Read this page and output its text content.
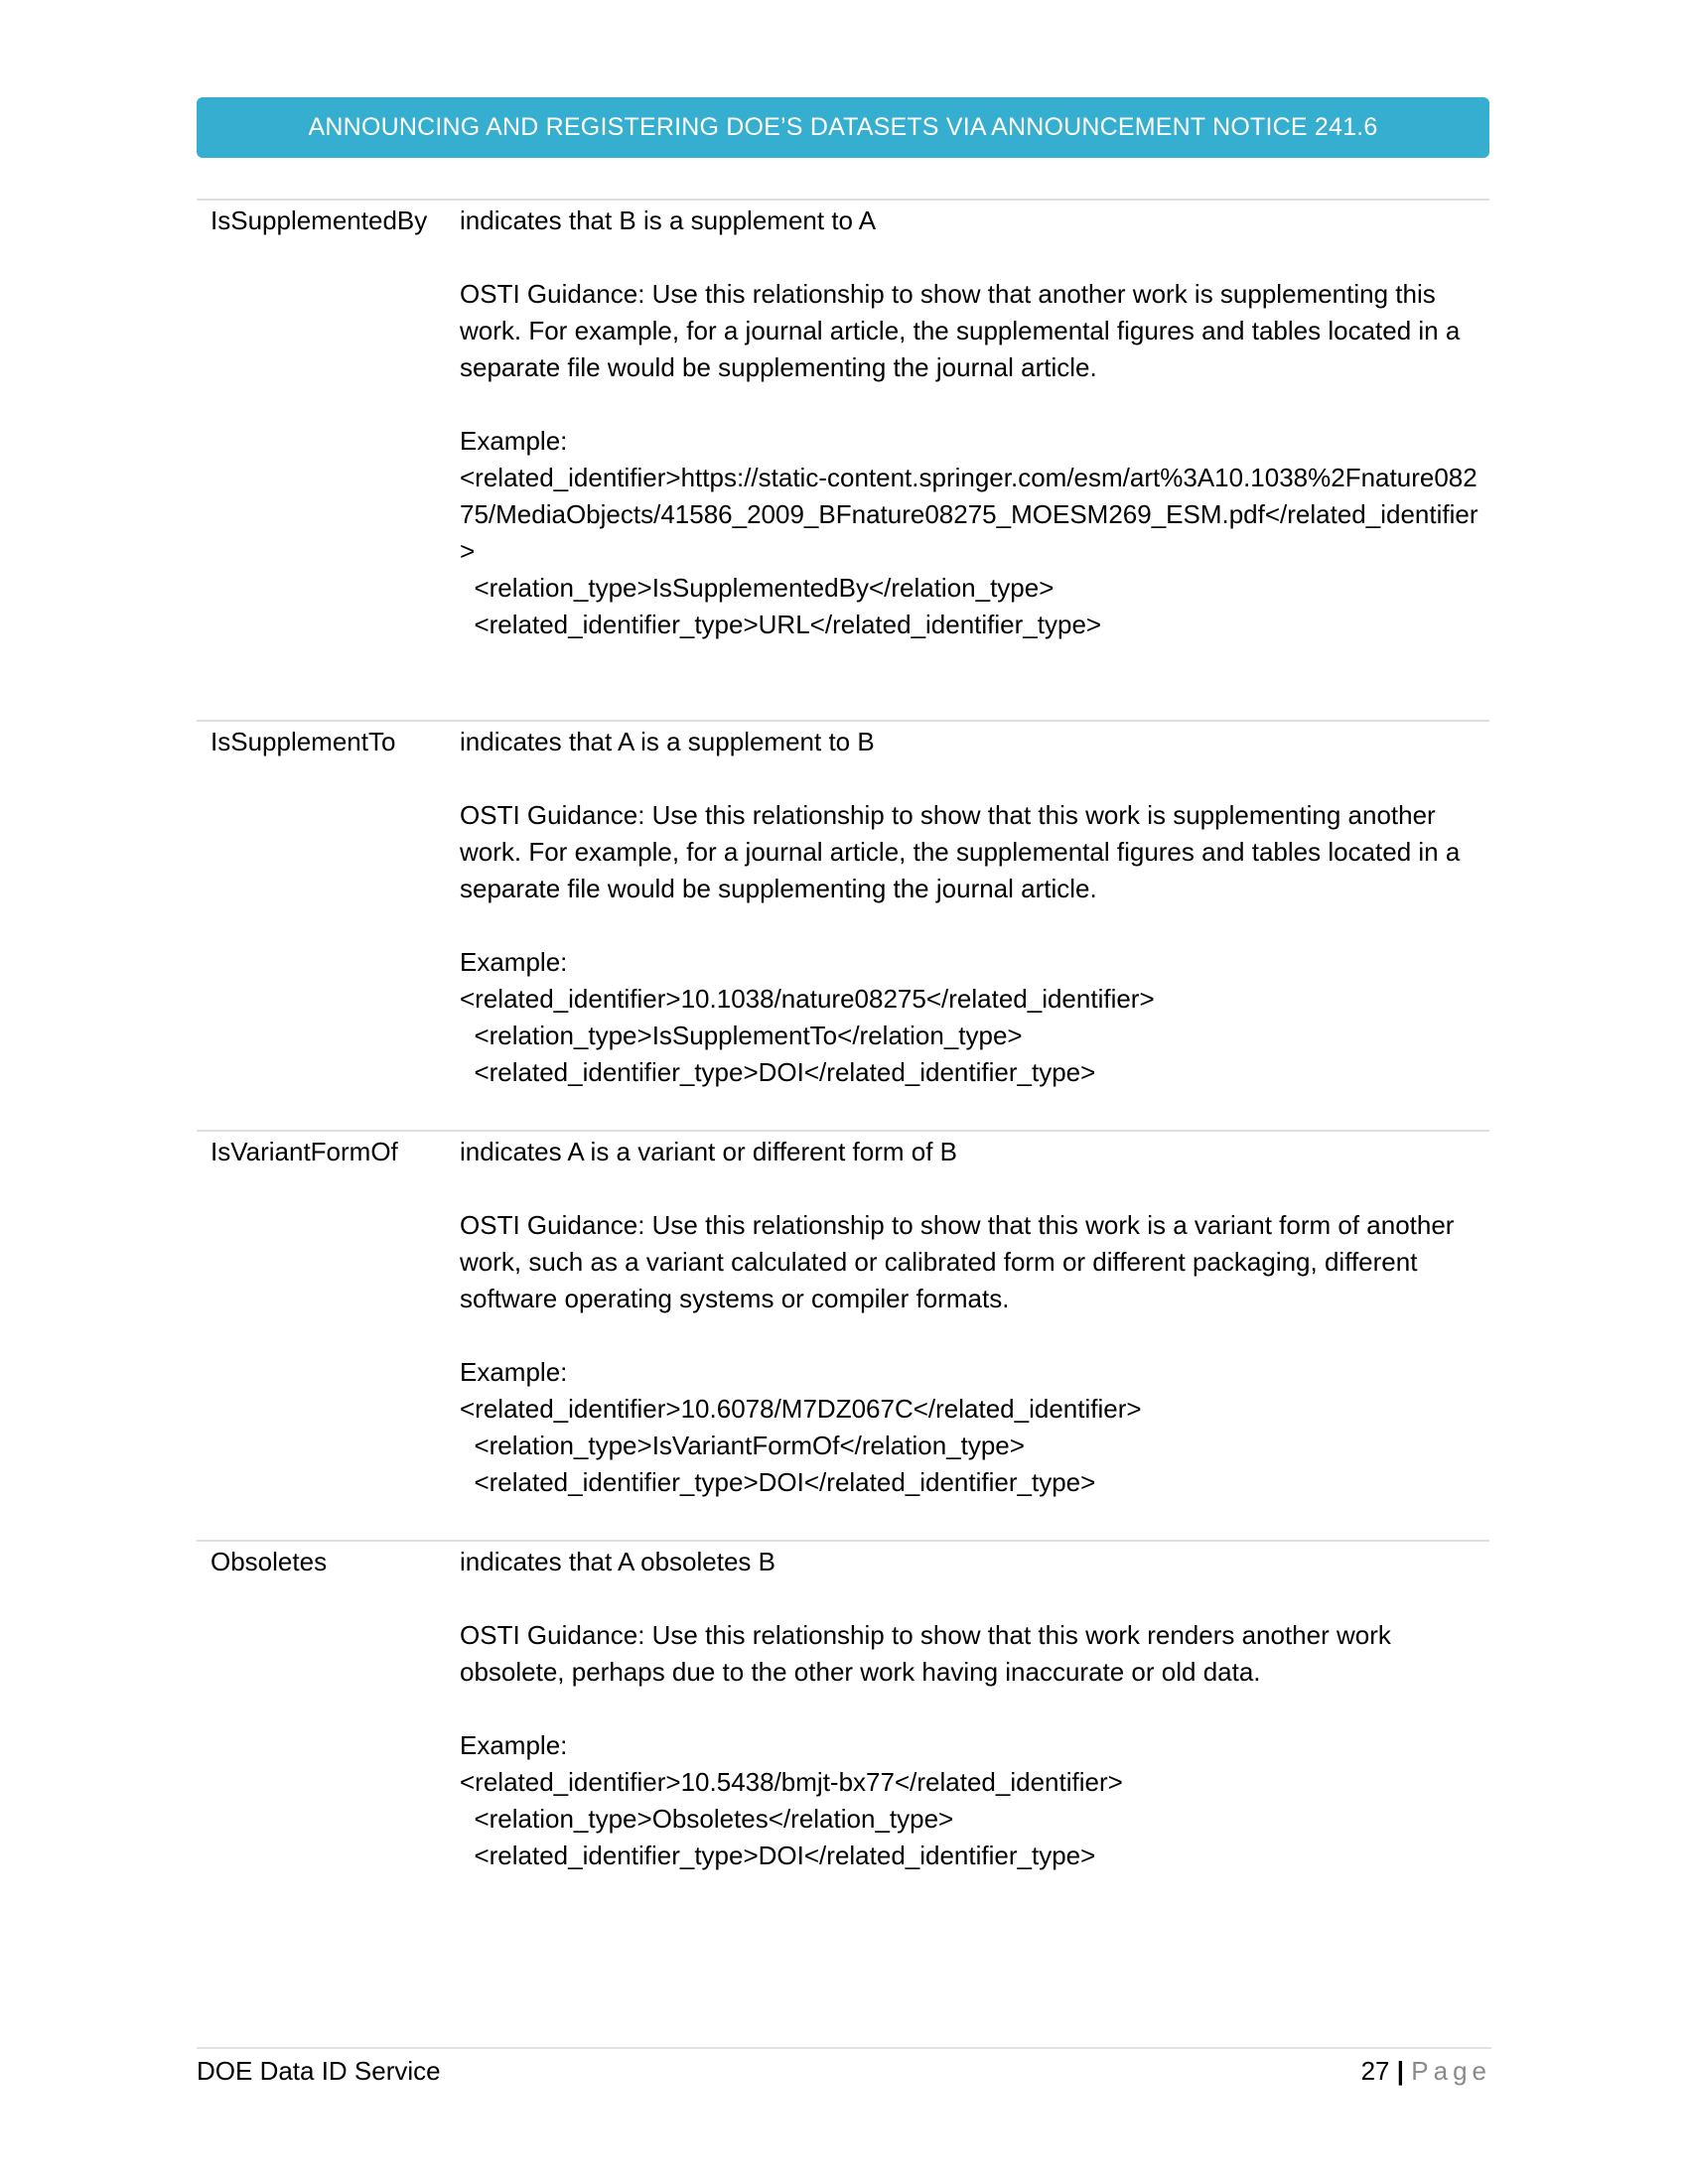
ANNOUNCING AND REGISTERING DOE’S DATASETS VIA ANNOUNCEMENT NOTICE 241.6
IsSupplementedBy	indicates that B is a supplement to A

OSTI Guidance: Use this relationship to show that another work is supplementing this work. For example, for a journal article, the supplemental figures and tables located in a separate file would be supplementing the journal article.

Example:

<related_identifier>https://static-content.springer.com/esm/art%3A10.1038%2Fnature08275/MediaObjects/41586_2009_BFnature08275_MOESM269_ESM.pdf</related_identifier>

<relation_type>IsSupplementedBy</relation_type>

<related_identifier_type>URL</related_identifier_type>

IsSupplementTo	indicates that A is a supplement to B

OSTI Guidance: Use this relationship to show that this work is supplementing another work. For example, for a journal article, the supplemental figures and tables located in a separate file would be supplementing the journal article.

Example:

<related_identifier>10.1038/nature08275</related_identifier>

<relation_type>IsSupplementTo</relation_type>

<related_identifier_type>DOI</related_identifier_type>

IsVariantFormOf	indicates A is a variant or different form of B

OSTI Guidance: Use this relationship to show that this work is a variant form of another work, such as a variant calculated or calibrated form or different packaging, different software operating systems or compiler formats.

Example:

<related_identifier>10.6078/M7DZ067C</related_identifier>

<relation_type>IsVariantFormOf</relation_type>

<related_identifier_type>DOI</related_identifier_type>

Obsoletes	indicates that A obsoletes B

OSTI Guidance: Use this relationship to show that this work renders another work obsolete, perhaps due to the other work having inaccurate or old data.

Example:

<related_identifier>10.5438/bmjt-bx77</related_identifier>

<relation_type>Obsoletes</relation_type>

<related_identifier_type>DOI</related_identifier_type>

DOE Data ID Service	27 | Page
